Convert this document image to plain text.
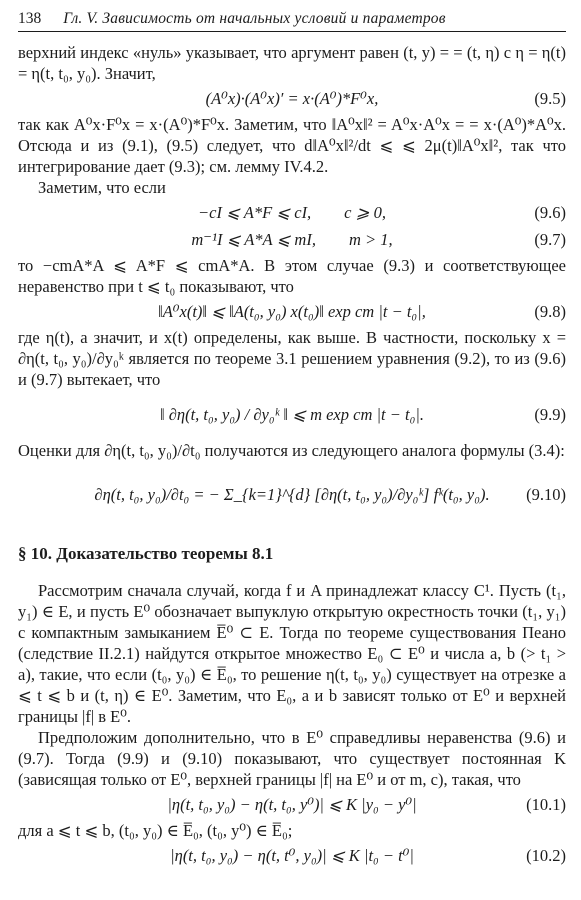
138 Гл. V. Зависимость от начальных условий и параметров

верхний индекс «нуль» указывает, что аргумент равен (t, y) = = (t, η) с η = η(t) = η(t, t₀, y₀). Значит,

(A⁰x)·(A⁰x)′ = x·(A⁰)*F⁰x,	(9.5)

так как A⁰x·F⁰x = x·(A⁰)*F⁰x. Заметим, что ‖A⁰x‖² = A⁰x·A⁰x = = x·(A⁰)*A⁰x. Отсюда и из (9.1), (9.5) следует, что d‖A⁰x‖²/dt ⩽ ⩽ 2μ(t)‖A⁰x‖², так что интегрирование дает (9.3); см. лемму IV.4.2.

Заметим, что если

−cI ⩽ A*F ⩽ cI,        c ⩾ 0,	(9.6)
m⁻¹I ⩽ A*A ⩽ mI,        m > 1,	(9.7)

то −cmA*A ⩽ A*F ⩽ cmA*A. В этом случае (9.3) и соответствующее неравенство при t ⩽ t₀ показывают, что

‖A⁰x(t)‖ ⩽ ‖A(t₀, y₀) x(t₀)‖ exp cm |t − t₀|,	(9.8)

где η(t), а значит, и x(t) определены, как выше. В частности, поскольку x = ∂η(t, t₀, y₀)/∂y₀ᵏ является по теореме 3.1 решением уравнения (9.2), то из (9.6) и (9.7) вытекает, что

‖ ∂η(t, t₀, y₀) / ∂y₀ᵏ ‖ ⩽ m exp cm |t − t₀|.	(9.9)

Оценки для ∂η(t, t₀, y₀)/∂t₀ получаются из следующего аналога формулы (3.4):

∂η(t, t₀, y₀)/∂t₀ = − Σ_{k=1}^{d} [∂η(t, t₀, y₀)/∂y₀ᵏ] fᵏ(t₀, y₀). (9.10)
§ 10. Доказательство теоремы 8.1

Рассмотрим сначала случай, когда f и A принадлежат классу C¹. Пусть (t₁, y₁) ∈ E, и пусть E⁰ обозначает выпуклую открытую окрестность точки (t₁, y₁) с компактным замыканием E̅⁰ ⊂ E. Тогда по теореме существования Пеано (следствие II.2.1) найдутся открытое множество E₀ ⊂ E⁰ и числа a, b (> t₁ > a), такие, что если (t₀, y₀) ∈ E̅₀, то решение η(t, t₀, y₀) существует на отрезке a ⩽ t ⩽ b и (t, η) ∈ E⁰. Заметим, что E₀, a и b зависят только от E⁰ и верхней границы |f| в E⁰.

Предположим дополнительно, что в E⁰ справедливы неравенства (9.6) и (9.7). Тогда (9.9) и (9.10) показывают, что существует постоянная K (зависящая только от E⁰, верхней границы |f| на E⁰ и от m, c), такая, что

|η(t, t₀, y₀) − η(t, t₀, y⁰)| ⩽ K |y₀ − y⁰|	(10.1)

для a ⩽ t ⩽ b, (t₀, y₀) ∈ E̅₀, (t₀, y⁰) ∈ E̅₀;

|η(t, t₀, y₀) − η(t, t⁰, y₀)| ⩽ K |t₀ − t⁰|	(10.2)
